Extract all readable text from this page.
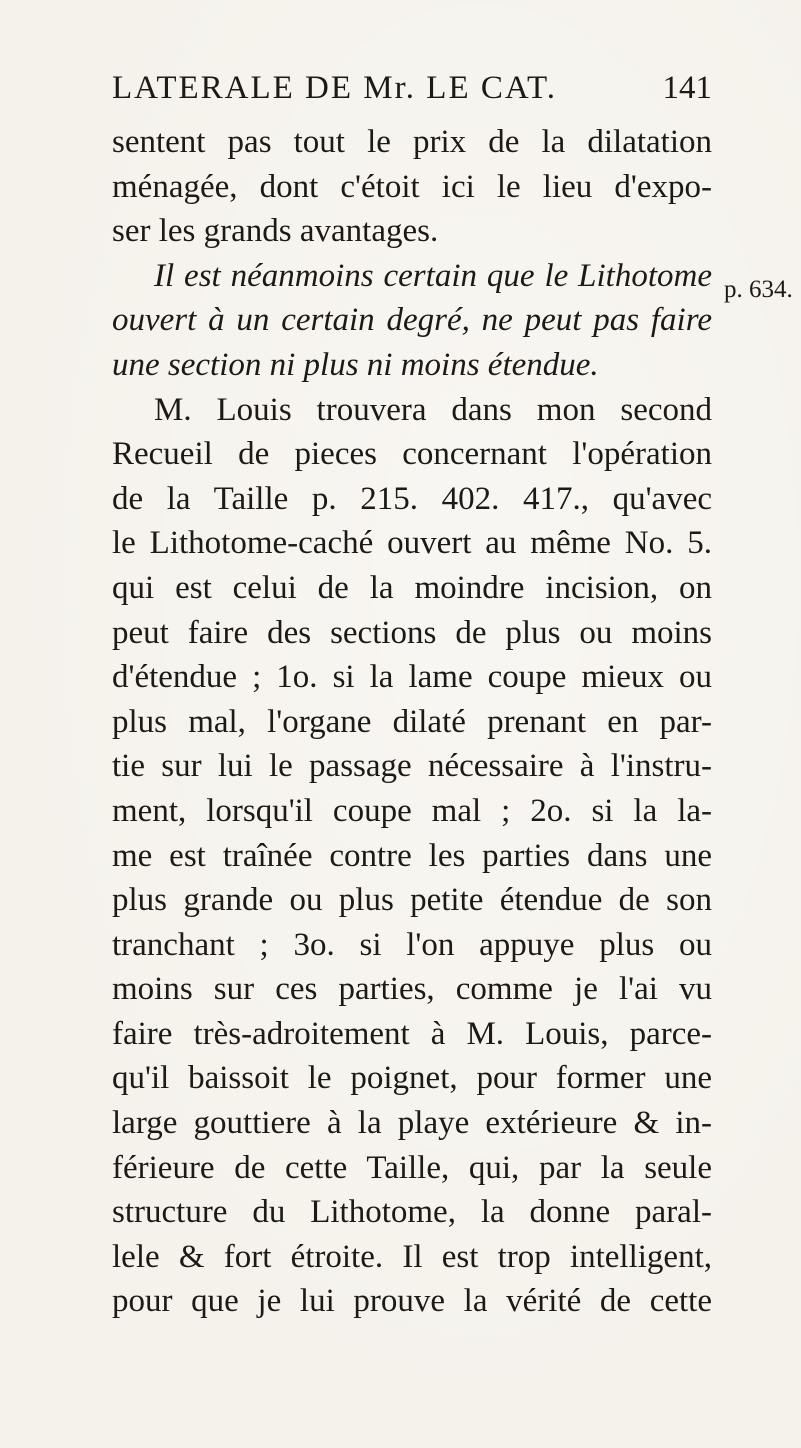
LATERALE DE Mr. LE CAT.	141
p. 634.
sentent pas tout le prix de la dilatation
ménagée, dont c'étoit ici le lieu d'expo-
ser les grands avantages.
Il est néanmoins certain que le Lithotome
ouvert à un certain degré, ne peut pas faire
une section ni plus ni moins étendue.
M. Louis trouvera dans mon second
Recueil de pieces concernant l'opération
de la Taille p. 215. 402. 417., qu'avec
le Lithotome-caché ouvert au même No. 5.
qui est celui de la moindre incision, on
peut faire des sections de plus ou moins
d'étendue ; 1o. si la lame coupe mieux ou
plus mal, l'organe dilaté prenant en par-
tie sur lui le passage nécessaire à l'instru-
ment, lorsqu'il coupe mal ; 2o. si la la-
me est traînée contre les parties dans une
plus grande ou plus petite étendue de son
tranchant ; 3o. si l'on appuye plus ou
moins sur ces parties, comme je l'ai vu
faire très-adroitement à M. Louis, parce-
qu'il baissoit le poignet, pour former une
large gouttiere à la playe extérieure & in-
férieure de cette Taille, qui, par la seule
structure du Lithotome, la donne paral-
lele & fort étroite. Il est trop intelligent,
pour que je lui prouve la vérité de cette
